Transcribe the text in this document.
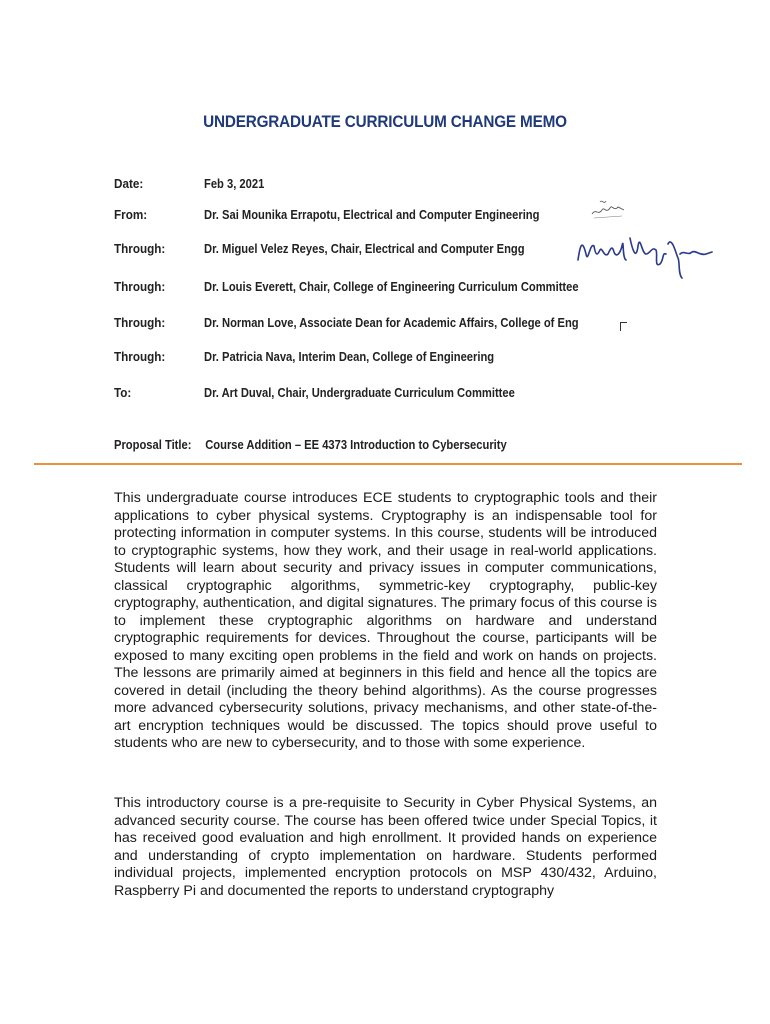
UNDERGRADUATE CURRICULUM CHANGE MEMO
Date:	Feb 3, 2021
From:	Dr. Sai Mounika Errapotu, Electrical and Computer Engineering
Through:	Dr. Miguel Velez Reyes, Chair, Electrical and Computer Engg
Through:	Dr. Louis Everett, Chair, College of Engineering Curriculum Committee
Through:	Dr. Norman Love, Associate Dean for Academic Affairs, College of Eng
Through:	Dr. Patricia Nava, Interim Dean, College of Engineering
To:	Dr. Art Duval, Chair, Undergraduate Curriculum Committee
Proposal Title: Course Addition – EE 4373 Introduction to Cybersecurity
This undergraduate course introduces ECE students to cryptographic tools and their applications to cyber physical systems. Cryptography is an indispensable tool for protecting information in computer systems. In this course, students will be introduced to cryptographic systems, how they work, and their usage in real-world applications. Students will learn about security and privacy issues in computer communications, classical cryptographic algorithms, symmetric-key cryptography, public-key cryptography, authentication, and digital signatures. The primary focus of this course is to implement these cryptographic algorithms on hardware and understand cryptographic requirements for devices. Throughout the course, participants will be exposed to many exciting open problems in the field and work on hands on projects. The lessons are primarily aimed at beginners in this field and hence all the topics are covered in detail (including the theory behind algorithms). As the course progresses more advanced cybersecurity solutions, privacy mechanisms, and other state-of-the-art encryption techniques would be discussed. The topics should prove useful to students who are new to cybersecurity, and to those with some experience.
This introductory course is a pre-requisite to Security in Cyber Physical Systems, an advanced security course. The course has been offered twice under Special Topics, it has received good evaluation and high enrollment. It provided hands on experience and understanding of crypto implementation on hardware. Students performed individual projects, implemented encryption protocols on MSP 430/432, Arduino, Raspberry Pi and documented the reports to understand cryptography
